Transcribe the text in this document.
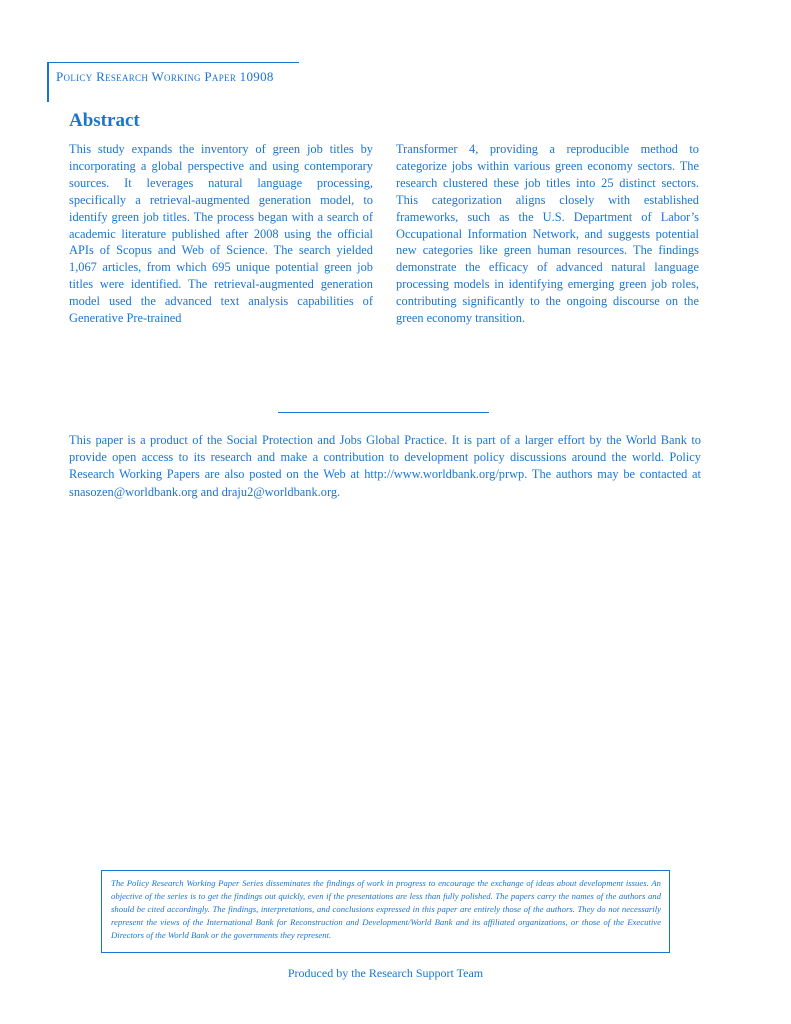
Policy Research Working Paper 10908
Abstract

This study expands the inventory of green job titles by incorporating a global perspective and using contemporary sources. It leverages natural language processing, specifically a retrieval-augmented generation model, to identify green job titles. The process began with a search of academic literature published after 2008 using the official APIs of Scopus and Web of Science. The search yielded 1,067 articles, from which 695 unique potential green job titles were identified. The retrieval-augmented generation model used the advanced text analysis capabilities of Generative Pre-trained

Transformer 4, providing a reproducible method to categorize jobs within various green economy sectors. The research clustered these job titles into 25 distinct sectors. This categorization aligns closely with established frameworks, such as the U.S. Department of Labor’s Occupational Information Network, and suggests potential new categories like green human resources. The findings demonstrate the efficacy of advanced natural language processing models in identifying emerging green job roles, contributing significantly to the ongoing discourse on the green economy transition.

This paper is a product of the Social Protection and Jobs Global Practice. It is part of a larger effort by the World Bank to provide open access to its research and make a contribution to development policy discussions around the world. Policy Research Working Papers are also posted on the Web at http://www.worldbank.org/prwp. The authors may be contacted at snasozen@worldbank.org and draju2@worldbank.org.

The Policy Research Working Paper Series disseminates the findings of work in progress to encourage the exchange of ideas about development issues. An objective of the series is to get the findings out quickly, even if the presentations are less than fully polished. The papers carry the names of the authors and should be cited accordingly. The findings, interpretations, and conclusions expressed in this paper are entirely those of the authors. They do not necessarily represent the views of the International Bank for Reconstruction and Development/World Bank and its affiliated organizations, or those of the Executive Directors of the World Bank or the governments they represent.

Produced by the Research Support Team
